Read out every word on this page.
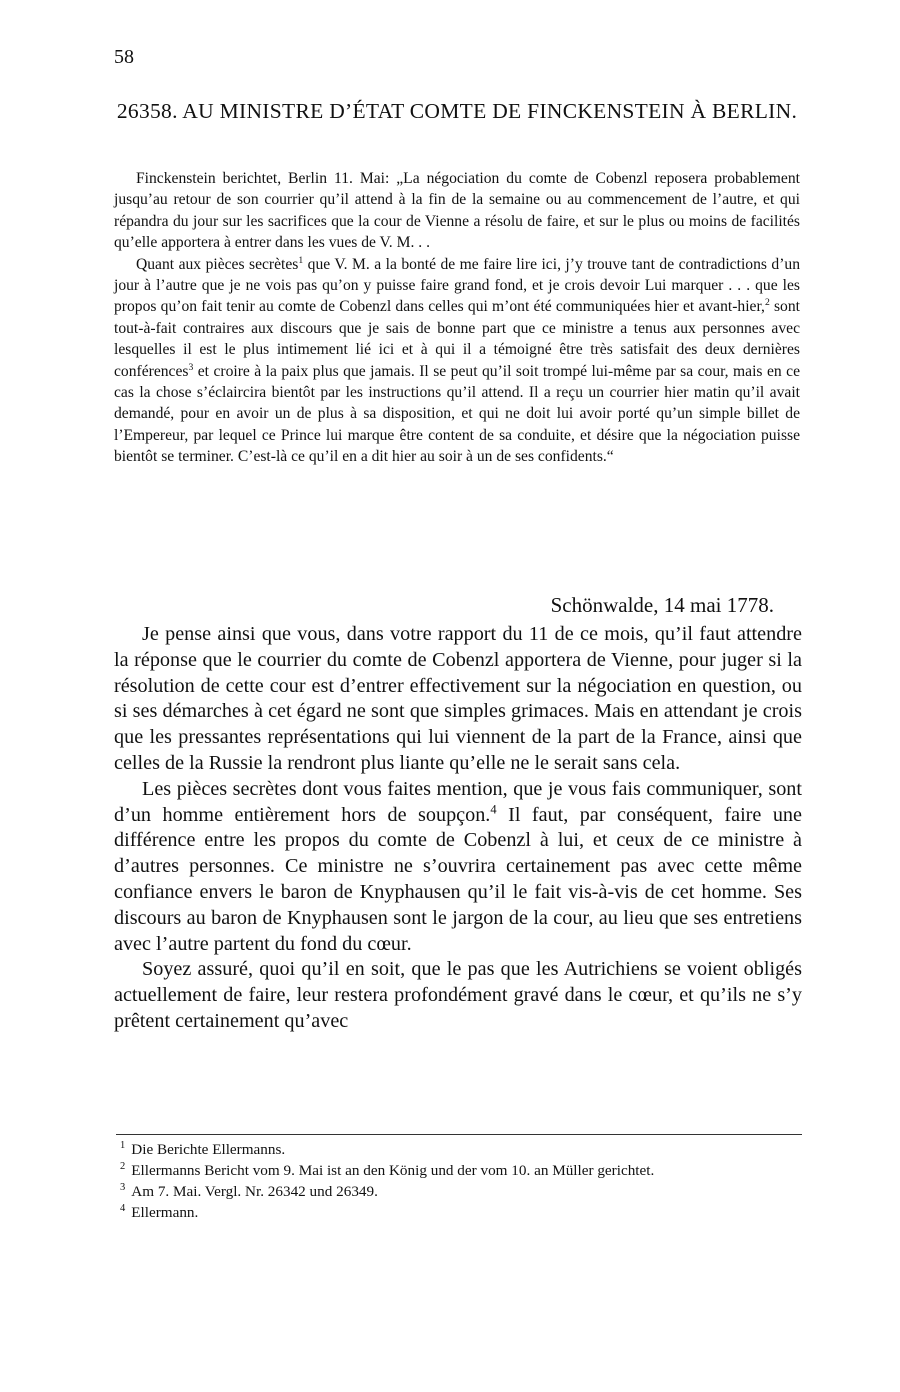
58
26358. AU MINISTRE D’ÉTAT COMTE DE FINCKENSTEIN À BERLIN.

Finckenstein berichtet, Berlin 11. Mai: „La négociation du comte de Cobenzl reposera probablement jusqu’au retour de son courrier qu’il attend à la fin de la semaine ou au commencement de l’autre, et qui répandra du jour sur les sacrifices que la cour de Vienne a résolu de faire, et sur le plus ou moins de facilités qu’elle apportera à entrer dans les vues de V. M. . .

Quant aux pièces secrètes$^1$ que V. M. a la bonté de me faire lire ici, j’y trouve tant de contradictions d’un jour à l’autre que je ne vois pas qu’on y puisse faire grand fond, et je crois devoir Lui marquer . . . que les propos qu’on fait tenir au comte de Cobenzl dans celles qui m’ont été communiquées hier et avant-hier,$^2$ sont tout-à-fait contraires aux discours que je sais de bonne part que ce ministre a tenus aux personnes avec lesquelles il est le plus intimement lié ici et à qui il a témoigné être très satisfait des deux dernières conférences$^3$ et croire à la paix plus que jamais. Il se peut qu’il soit trompé lui-même par sa cour, mais en ce cas la chose s’éclaircira bientôt par les instructions qu’il attend. Il a reçu un courrier hier matin qu’il avait demandé, pour en avoir un de plus à sa disposition, et qui ne doit lui avoir porté qu’un simple billet de l’Empereur, par lequel ce Prince lui marque être content de sa conduite, et désire que la négociation puisse bientôt se terminer. C’est-là ce qu’il en a dit hier au soir à un de ses confidents.“

Schönwalde, 14 mai 1778.

Je pense ainsi que vous, dans votre rapport du 11 de ce mois, qu’il faut attendre la réponse que le courrier du comte de Cobenzl apportera de Vienne, pour juger si la résolution de cette cour est d’entrer effectivement sur la négociation en question, ou si ses démarches à cet égard ne sont que simples grimaces. Mais en attendant je crois que les pressantes représentations qui lui viennent de la part de la France, ainsi que celles de la Russie la rendront plus liante qu’elle ne le serait sans cela.

Les pièces secrètes dont vous faites mention, que je vous fais communiquer, sont d’un homme entièrement hors de soupçon.$^4$ Il faut, par conséquent, faire une différence entre les propos du comte de Cobenzl à lui, et ceux de ce ministre à d’autres personnes. Ce ministre ne s’ouvrira certainement pas avec cette même confiance envers le baron de Knyphausen qu’il le fait vis-à-vis de cet homme. Ses discours au baron de Knyphausen sont le jargon de la cour, au lieu que ses entretiens avec l’autre partent du fond du cœur.

Soyez assuré, quoi qu’il en soit, que le pas que les Autrichiens se voient obligés actuellement de faire, leur restera profondément gravé dans le cœur, et qu’ils ne s’y prêtent certainement qu’avec

$^1$ Die Berichte Ellermanns.

$^2$ Ellermanns Bericht vom 9. Mai ist an den König und der vom 10. an Müller gerichtet.

$^3$ Am 7. Mai. Vergl. Nr. 26342 und 26349.

$^4$ Ellermann.
